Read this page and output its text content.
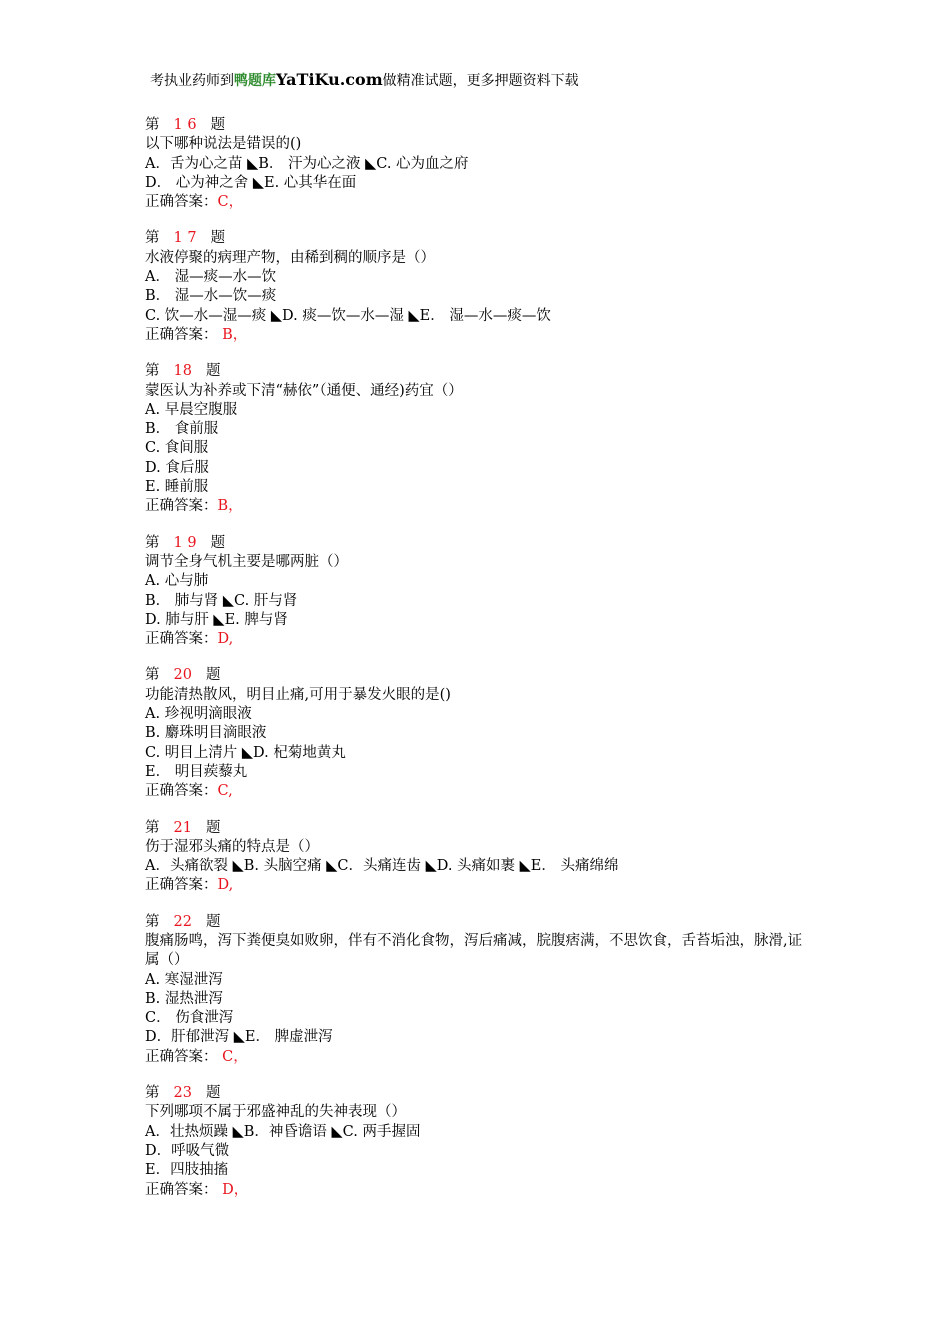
考执业药师到鸭题库YaTiKu.com做精准试题，更多押题资料下载
第 1 6 题
以下哪种说法是错误的()
A．舌为心之苗 ◣B． 汗为心之液 ◣C. 心为血之府
D． 心为神之舍 ◣E. 心其华在面
正确答案：C，
第 1 7 题
水液停聚的病理产物，由稀到稠的顺序是（）
A． 湿—痰—水—饮
B． 湿—水—饮—痰
C. 饮—水—湿—痰 ◣D. 痰—饮—水—湿 ◣E． 湿—水—痰—饮
正确答案： B，
第 18 题
蒙医认为补养或下清“赫依”（通便、通经)药宜（）
A. 早晨空腹服
B． 食前服
C. 食间服
D. 食后服
E. 睡前服
正确答案：B，
第 1 9 题
调节全身气机主要是哪两脏（）
A. 心与肺
B． 肺与肾 ◣C. 肝与肾
D. 肺与肝 ◣E. 脾与肾
正确答案：D,
第 20 题
功能清热散风，明目止痛,可用于暴发火眼的是()
A. 珍视明滴眼液
B. 麝珠明目滴眼液
C. 明目上清片 ◣D. 杞菊地黄丸
E． 明目蒺藜丸
正确答案：C,
第 21 题
伤于湿邪头痛的特点是（）
A．头痛欲裂 ◣B. 头脑空痛 ◣C．头痛连齿 ◣D. 头痛如裹 ◣E． 头痛绵绵
正确答案：D,
第 22 题
腹痛肠鸣，泻下粪便臭如败卵，伴有不消化食物，泻后痛减，脘腹痞满，不思饮食，舌苔垢浊，脉滑,证属（）
A. 寒湿泄泻
B. 湿热泄泻
C． 伤食泄泻
D．肝郁泄泻 ◣E． 脾虚泄泻
正确答案： C，
第 23 题
下列哪项不属于邪盛神乱的失神表现（）
A．壮热烦躁 ◣B．神昏谵语 ◣C. 两手握固
D．呼吸气微
E．四肢抽搐
正确答案： D，
